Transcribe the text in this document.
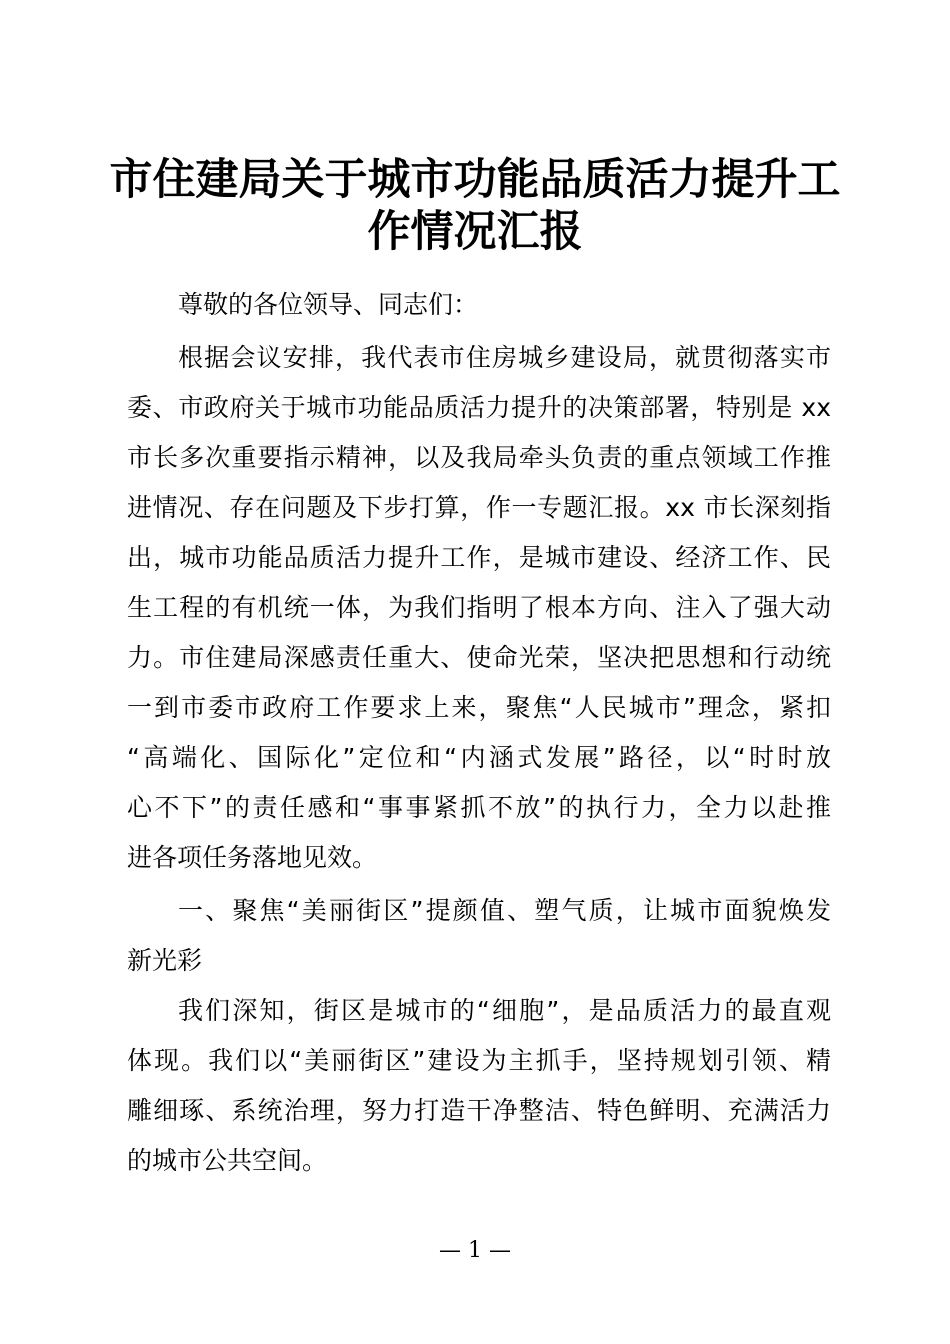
市住建局关于城市功能品质活力提升工
作情况汇报
尊敬的各位领导、同志们：
根据会议安排，我代表市住房城乡建设局，就贯彻落实市
委、市政府关于城市功能品质活力提升的决策部署，特别是 xx
市长多次重要指示精神，以及我局牵头负责的重点领域工作推
进情况、存在问题及下步打算，作一专题汇报。xx 市长深刻指
出，城市功能品质活力提升工作，是城市建设、经济工作、民
生工程的有机统一体，为我们指明了根本方向、注入了强大动
力。市住建局深感责任重大、使命光荣，坚决把思想和行动统
一到市委市政府工作要求上来，聚焦“人民城市”理念，紧扣
“高端化、国际化”定位和“内涵式发展”路径，以“时时放
心不下”的责任感和“事事紧抓不放”的执行力，全力以赴推
进各项任务落地见效。
一、聚焦“美丽街区”提颜值、塑气质，让城市面貌焕发
新光彩
我们深知，街区是城市的“细胞”，是品质活力的最直观
体现。我们以“美丽街区”建设为主抓手，坚持规划引领、精
雕细琢、系统治理，努力打造干净整洁、特色鲜明、充满活力
的城市公共空间。
— 1 —
